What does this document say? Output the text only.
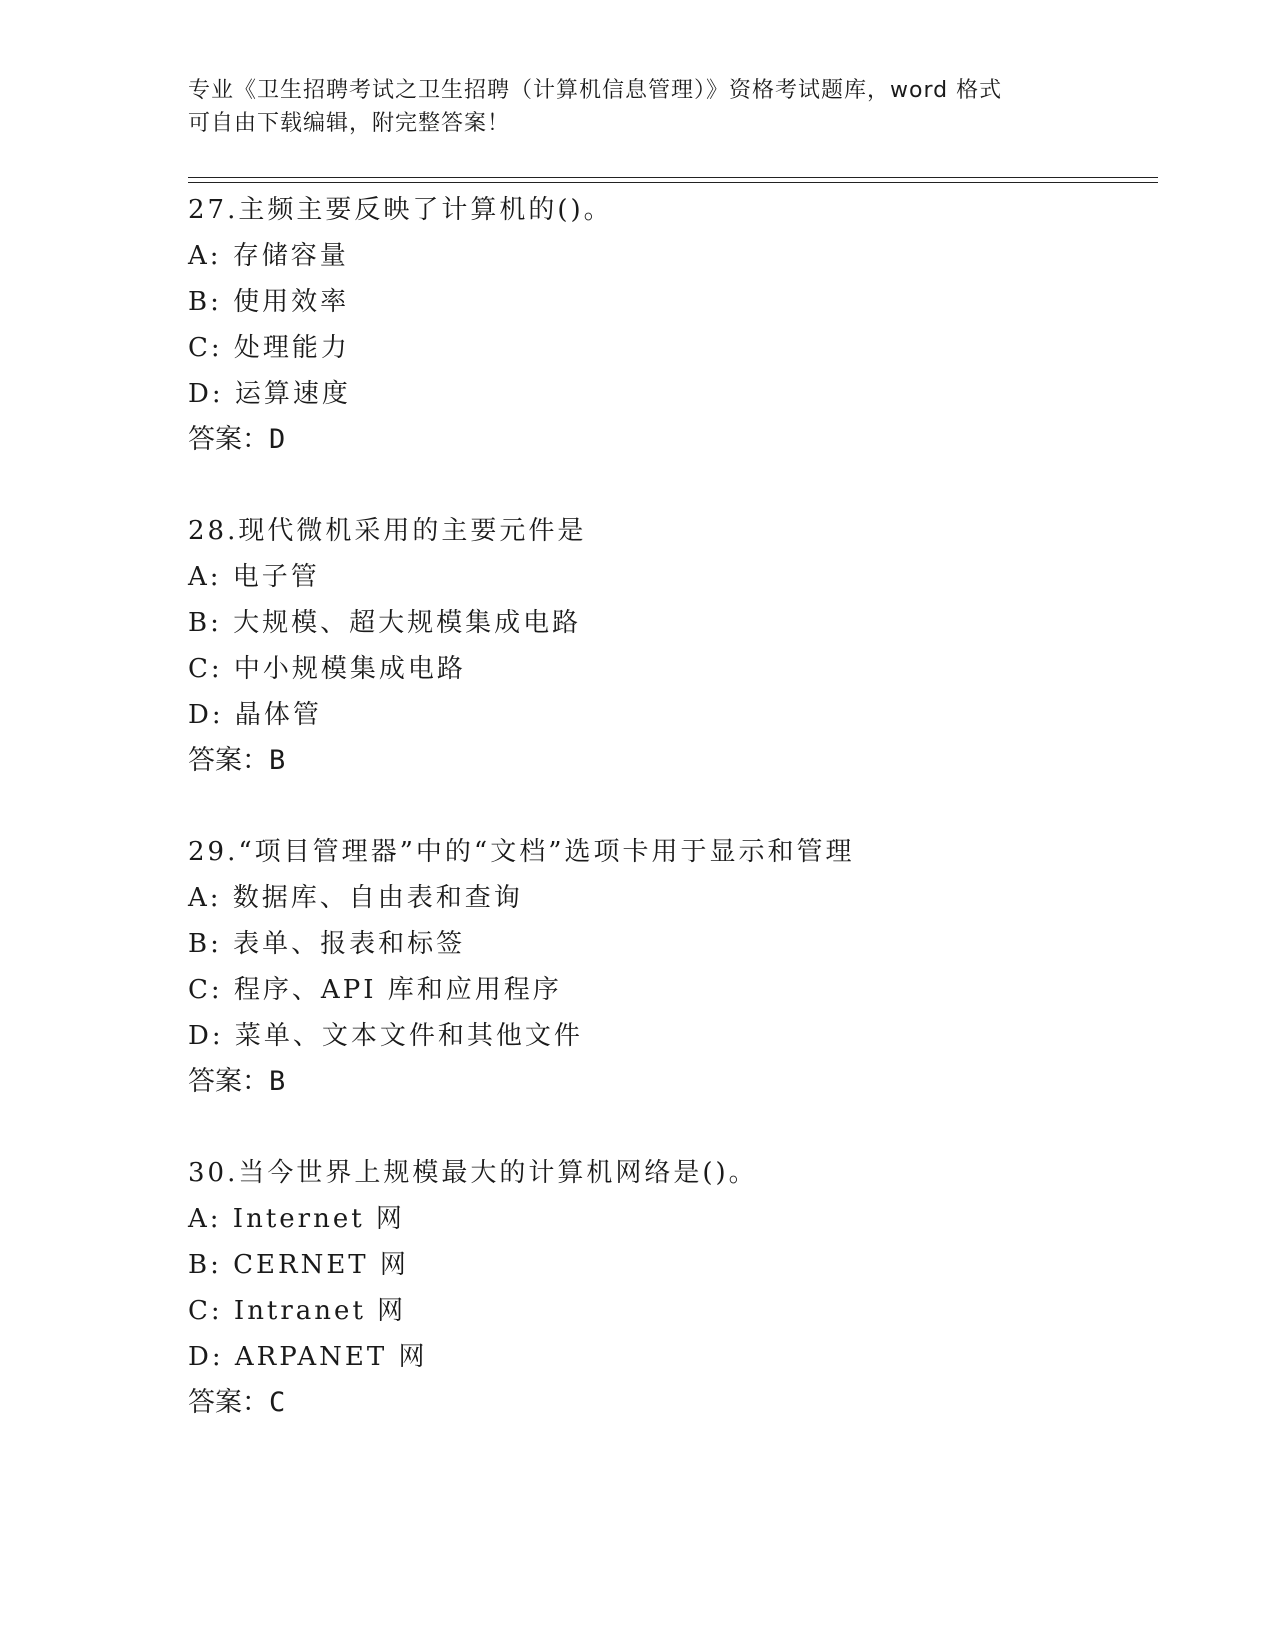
专业《卫生招聘考试之卫生招聘（计算机信息管理）》资格考试题库，word 格式
可自由下载编辑，附完整答案！
27.主频主要反映了计算机的()。
A: 存储容量
B: 使用效率
C: 处理能力
D: 运算速度
答案：D
28.现代微机采用的主要元件是
A: 电子管
B: 大规模、超大规模集成电路
C: 中小规模集成电路
D: 晶体管
答案：B
29.“项目管理器”中的“文档”选项卡用于显示和管理
A: 数据库、自由表和查询
B: 表单、报表和标签
C: 程序、API 库和应用程序
D: 菜单、文本文件和其他文件
答案：B
30.当今世界上规模最大的计算机网络是()。
A: Internet 网
B: CERNET 网
C: Intranet 网
D: ARPANET 网
答案：C
